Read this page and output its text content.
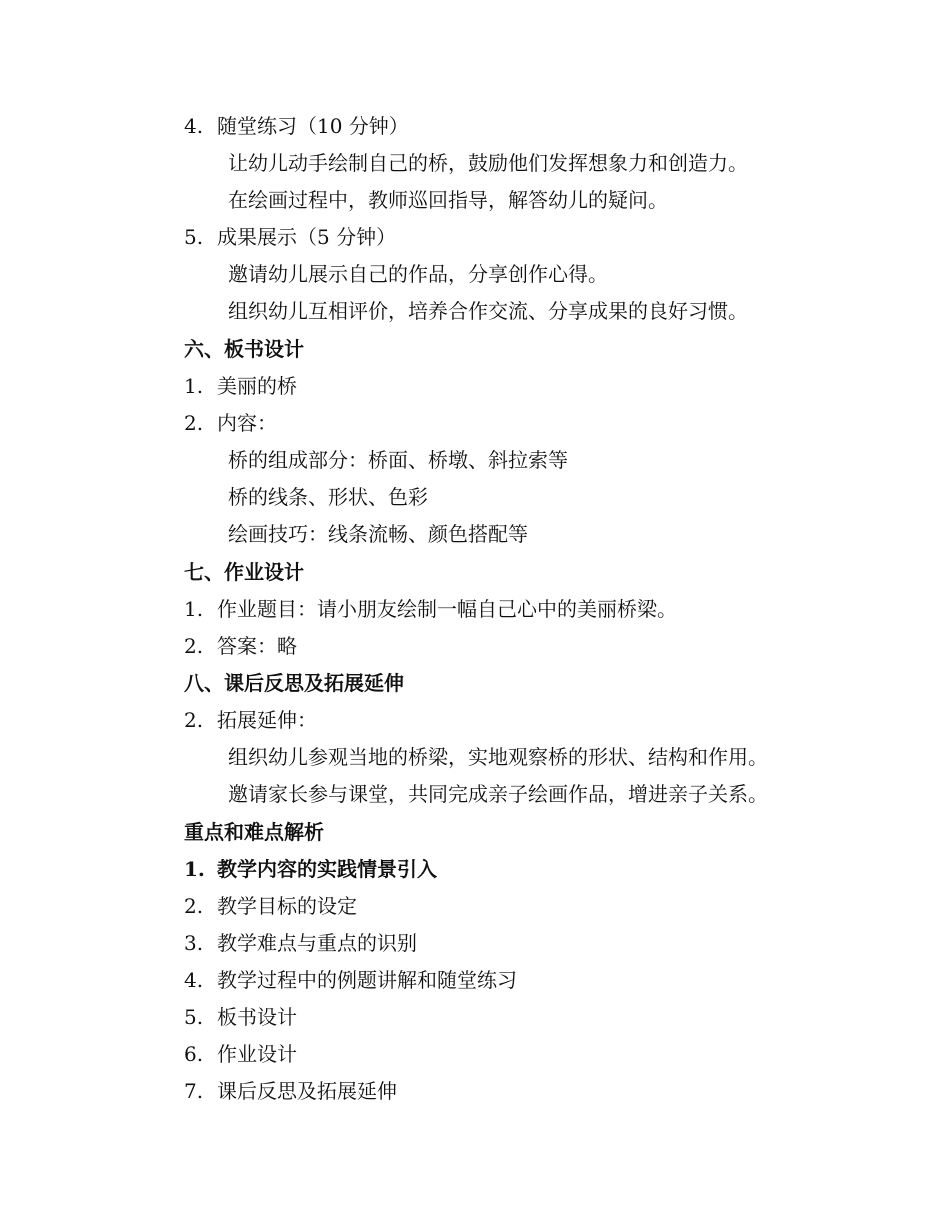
4. 随堂练习（10 分钟）
让幼儿动手绘制自己的桥，鼓励他们发挥想象力和创造力。
在绘画过程中，教师巡回指导，解答幼儿的疑问。
5. 成果展示（5 分钟）
邀请幼儿展示自己的作品，分享创作心得。
组织幼儿互相评价，培养合作交流、分享成果的良好习惯。
六、板书设计
1. 美丽的桥
2. 内容：
桥的组成部分：桥面、桥墩、斜拉索等
桥的线条、形状、色彩
绘画技巧：线条流畅、颜色搭配等
七、作业设计
1. 作业题目：请小朋友绘制一幅自己心中的美丽桥梁。
2. 答案：略
八、课后反思及拓展延伸
2. 拓展延伸：
组织幼儿参观当地的桥梁，实地观察桥的形状、结构和作用。
邀请家长参与课堂，共同完成亲子绘画作品，增进亲子关系。
重点和难点解析
1. 教学内容的实践情景引入
2. 教学目标的设定
3. 教学难点与重点的识别
4. 教学过程中的例题讲解和随堂练习
5. 板书设计
6. 作业设计
7. 课后反思及拓展延伸
